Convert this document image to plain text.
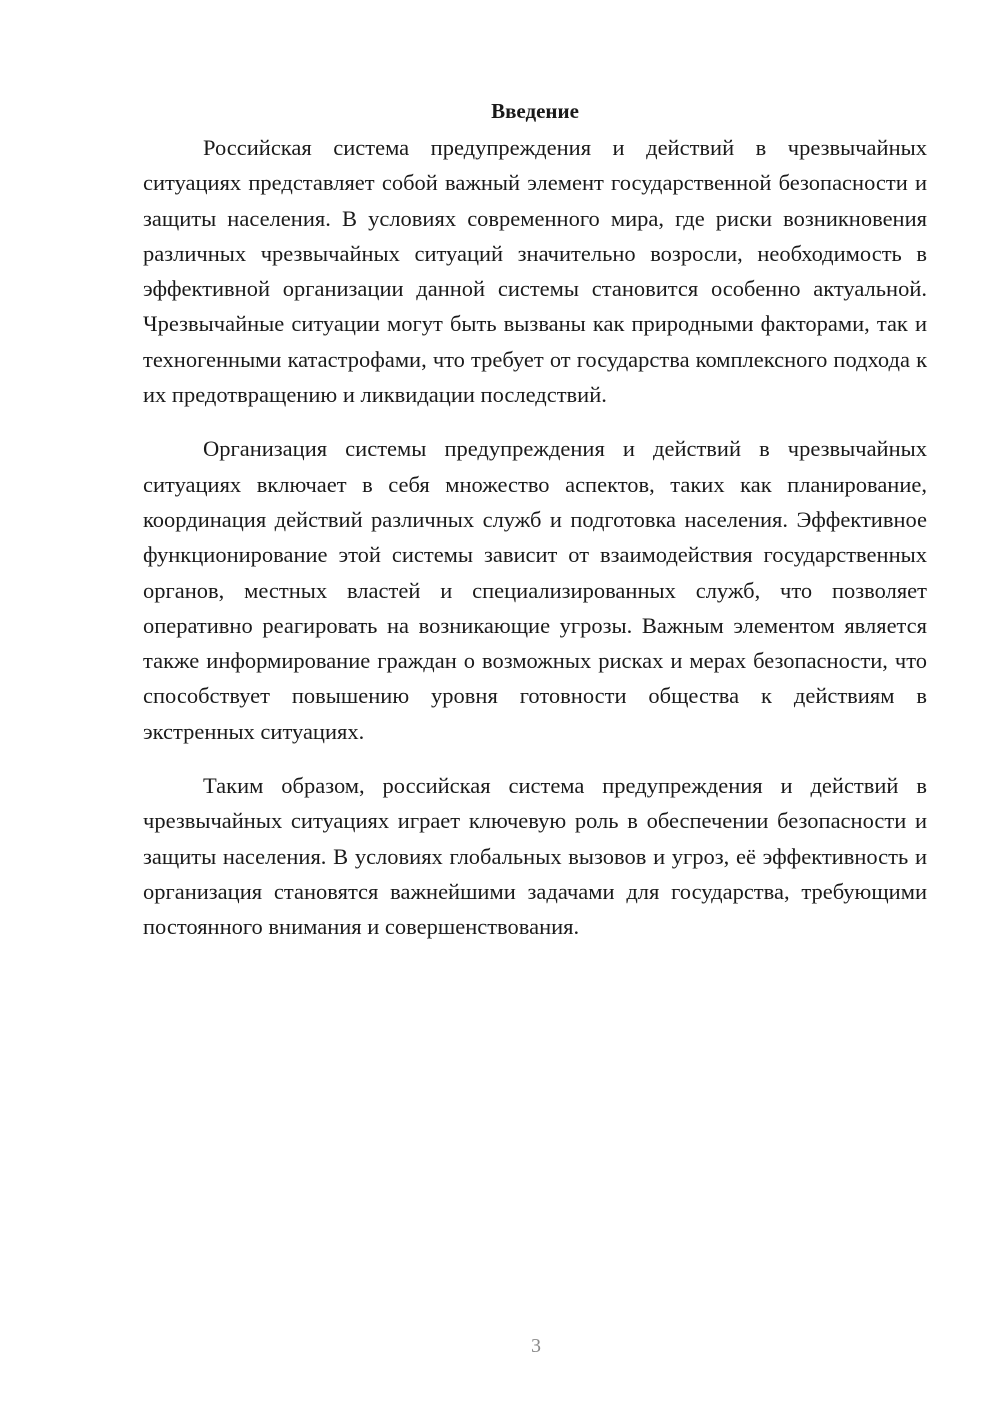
Введение

Российская система предупреждения и действий в чрезвычайных ситуациях представляет собой важный элемент государственной безопасности и защиты населения. В условиях современного мира, где риски возникновения различных чрезвычайных ситуаций значительно возросли, необходимость в эффективной организации данной системы становится особенно актуальной. Чрезвычайные ситуации могут быть вызваны как природными факторами, так и техногенными катастрофами, что требует от государства комплексного подхода к их предотвращению и ликвидации последствий.

Организация системы предупреждения и действий в чрезвычайных ситуациях включает в себя множество аспектов, таких как планирование, координация действий различных служб и подготовка населения. Эффективное функционирование этой системы зависит от взаимодействия государственных органов, местных властей и специализированных служб, что позволяет оперативно реагировать на возникающие угрозы. Важным элементом является также информирование граждан о возможных рисках и мерах безопасности, что способствует повышению уровня готовности общества к действиям в экстренных ситуациях.

Таким образом, российская система предупреждения и действий в чрезвычайных ситуациях играет ключевую роль в обеспечении безопасности и защиты населения. В условиях глобальных вызовов и угроз, её эффективность и организация становятся важнейшими задачами для государства, требующими постоянного внимания и совершенствования.

3
